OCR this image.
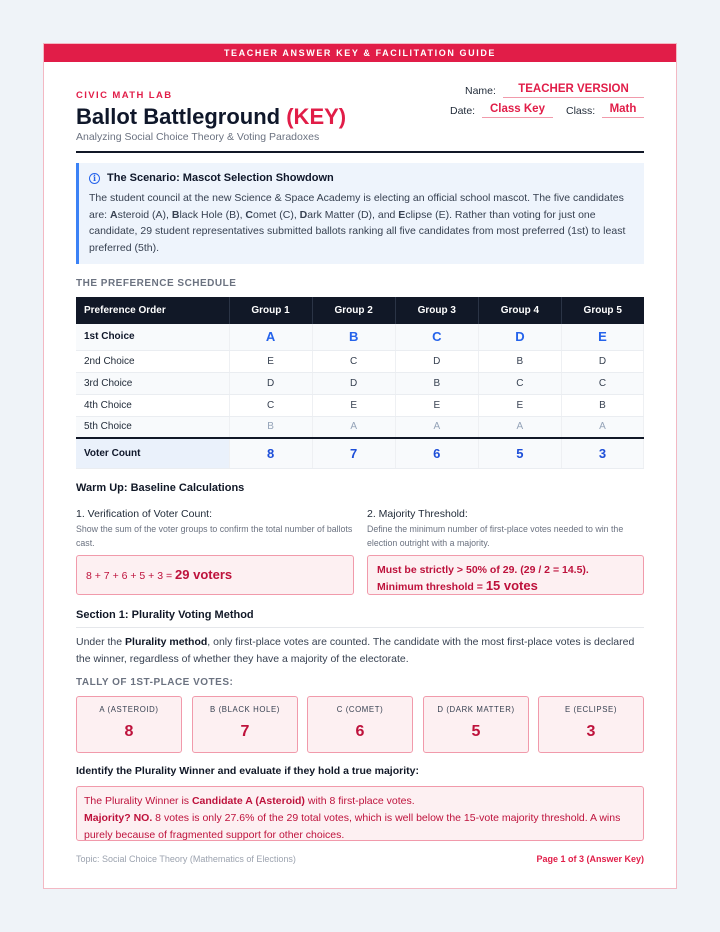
TEACHER ANSWER KEY & FACILITATION GUIDE
CIVIC MATH LAB
Ballot Battleground (KEY)
Analyzing Social Choice Theory & Voting Paradoxes
Name:	TEACHER VERSION
Date:	Class Key	Class:	Math
i The Scenario: Mascot Selection Showdown
The student council at the new Science & Space Academy is electing an official school mascot. The five candidates are: Asteroid (A), Black Hole (B), Comet (C), Dark Matter (D), and Eclipse (E). Rather than voting for just one candidate, 29 student representatives submitted ballots ranking all five candidates from most preferred (1st) to least preferred (5th).
THE PREFERENCE SCHEDULE
Preference Order	Group 1	Group 2	Group 3	Group 4	Group 5
1st Choice	A	B	C	D	E
2nd Choice	E	C	D	B	D
3rd Choice	D	D	B	C	C
4th Choice	C	E	E	E	B
5th Choice	B	A	A	A	A
Voter Count	8	7	6	5	3
Warm Up: Baseline Calculations
1. Verification of Voter Count:
Show the sum of the voter groups to confirm the total number of ballots cast.
8 + 7 + 6 + 5 + 3 = 29 voters
2. Majority Threshold:
Define the minimum number of first-place votes needed to win the election outright with a majority.
Must be strictly > 50% of 29. (29 / 2 = 14.5).
Minimum threshold = 15 votes
Section 1: Plurality Voting Method
Under the Plurality method, only first-place votes are counted. The candidate with the most first-place votes is declared the winner, regardless of whether they have a majority of the electorate.
TALLY OF 1ST-PLACE VOTES:
A (ASTEROID)
8
B (BLACK HOLE)
7
C (COMET)
6
D (DARK MATTER)
5
E (ECLIPSE)
3
Identify the Plurality Winner and evaluate if they hold a true majority:
The Plurality Winner is Candidate A (Asteroid) with 8 first-place votes.
Majority? NO. 8 votes is only 27.6% of the 29 total votes, which is well below the 15-vote majority threshold. A wins purely because of fragmented support for other choices.
Topic: Social Choice Theory (Mathematics of Elections)	Page 1 of 3 (Answer Key)
